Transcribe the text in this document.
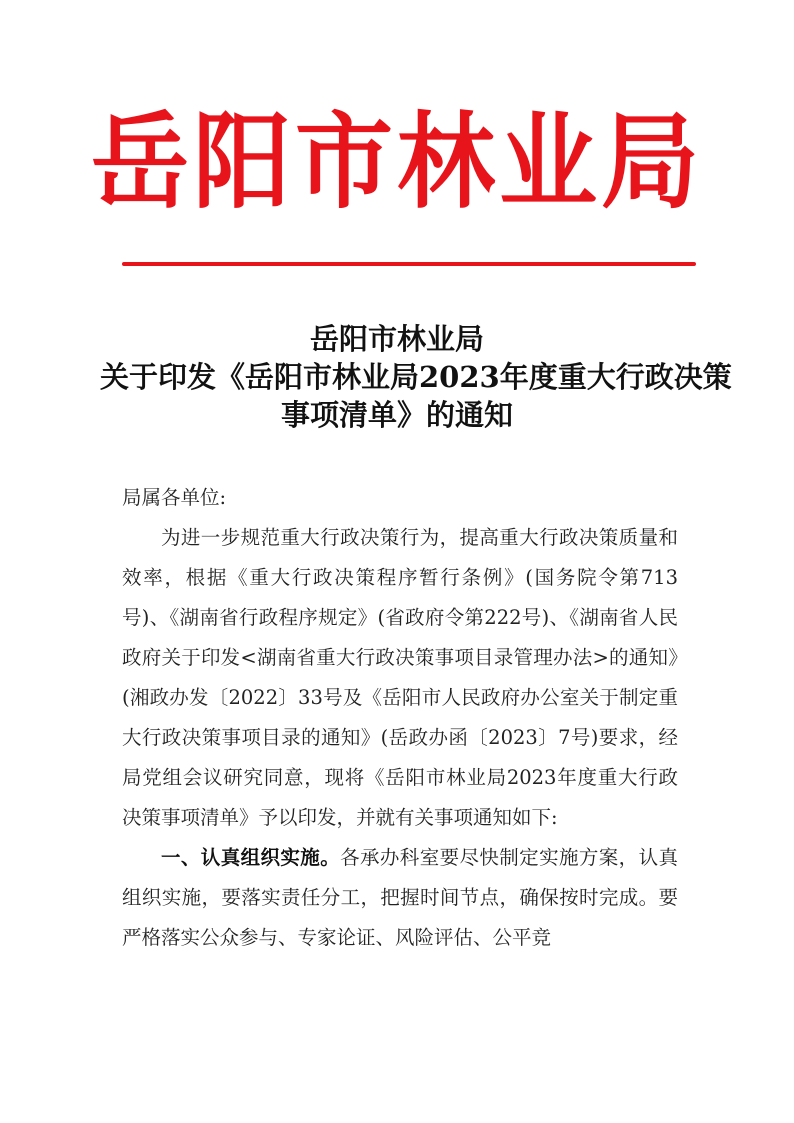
岳阳市林业局
岳阳市林业局
关于印发《岳阳市林业局2023年度重大行政决策
事项清单》的通知
局属各单位:

为进一步规范重大行政决策行为，提高重大行政决策质量和效率，根据《重大行政决策程序暂行条例》(国务院令第713号)、《湖南省行政程序规定》(省政府令第222号)、《湖南省人民政府关于印发<湖南省重大行政决策事项目录管理办法>的通知》(湘政办发〔2022〕33号及《岳阳市人民政府办公室关于制定重大行政决策事项目录的通知》(岳政办函〔2023〕7号)要求，经局党组会议研究同意，现将《岳阳市林业局2023年度重大行政决策事项清单》予以印发，并就有关事项通知如下:

一、认真组织实施。各承办科室要尽快制定实施方案，认真组织实施，要落实责任分工，把握时间节点，确保按时完成。要严格落实公众参与、专家论证、风险评估、公平竞
